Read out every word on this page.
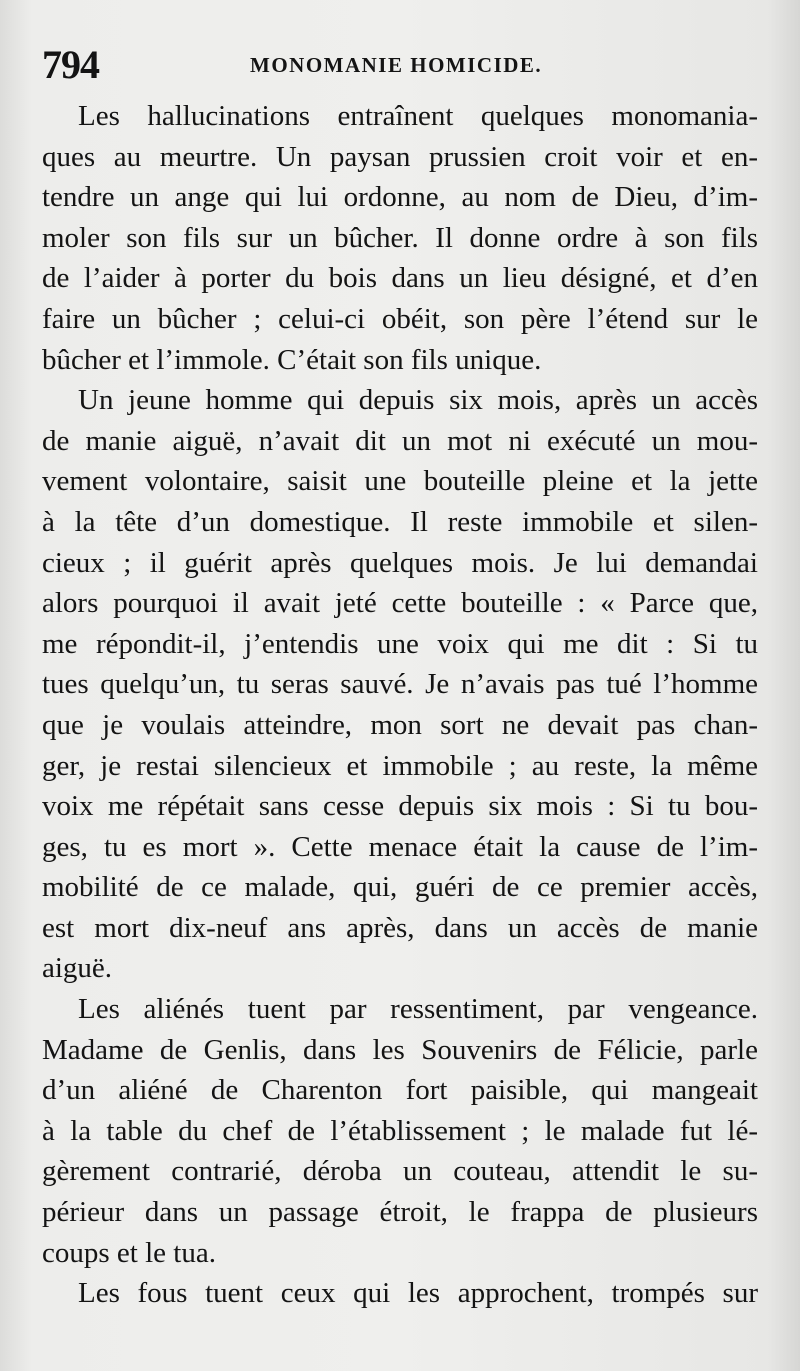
794	MONOMANIE HOMICIDE.
Les hallucinations entraînent quelques monomania-
ques au meurtre. Un paysan prussien croit voir et en-
tendre un ange qui lui ordonne, au nom de Dieu, d’im-
moler son fils sur un bûcher. Il donne ordre à son fils
de l’aider à porter du bois dans un lieu désigné, et d’en
faire un bûcher ; celui-ci obéit, son père l’étend sur le
bûcher et l’immole. C’était son fils unique.
Un jeune homme qui depuis six mois, après un accès
de manie aiguë, n’avait dit un mot ni exécuté un mou-
vement volontaire, saisit une bouteille pleine et la jette
à la tête d’un domestique. Il reste immobile et silen-
cieux ; il guérit après quelques mois. Je lui demandai
alors pourquoi il avait jeté cette bouteille : « Parce que,
me répondit-il, j’entendis une voix qui me dit : Si tu
tues quelqu’un, tu seras sauvé. Je n’avais pas tué l’homme
que je voulais atteindre, mon sort ne devait pas chan-
ger, je restai silencieux et immobile ; au reste, la même
voix me répétait sans cesse depuis six mois : Si tu bou-
ges, tu es mort ». Cette menace était la cause de l’im-
mobilité de ce malade, qui, guéri de ce premier accès,
est mort dix-neuf ans après, dans un accès de manie
aiguë.
Les aliénés tuent par ressentiment, par vengeance.
Madame de Genlis, dans les Souvenirs de Félicie, parle
d’un aliéné de Charenton fort paisible, qui mangeait
à la table du chef de l’établissement ; le malade fut lé-
gèrement contrarié, déroba un couteau, attendit le su-
périeur dans un passage étroit, le frappa de plusieurs
coups et le tua.
Les fous tuent ceux qui les approchent, trompés sur
